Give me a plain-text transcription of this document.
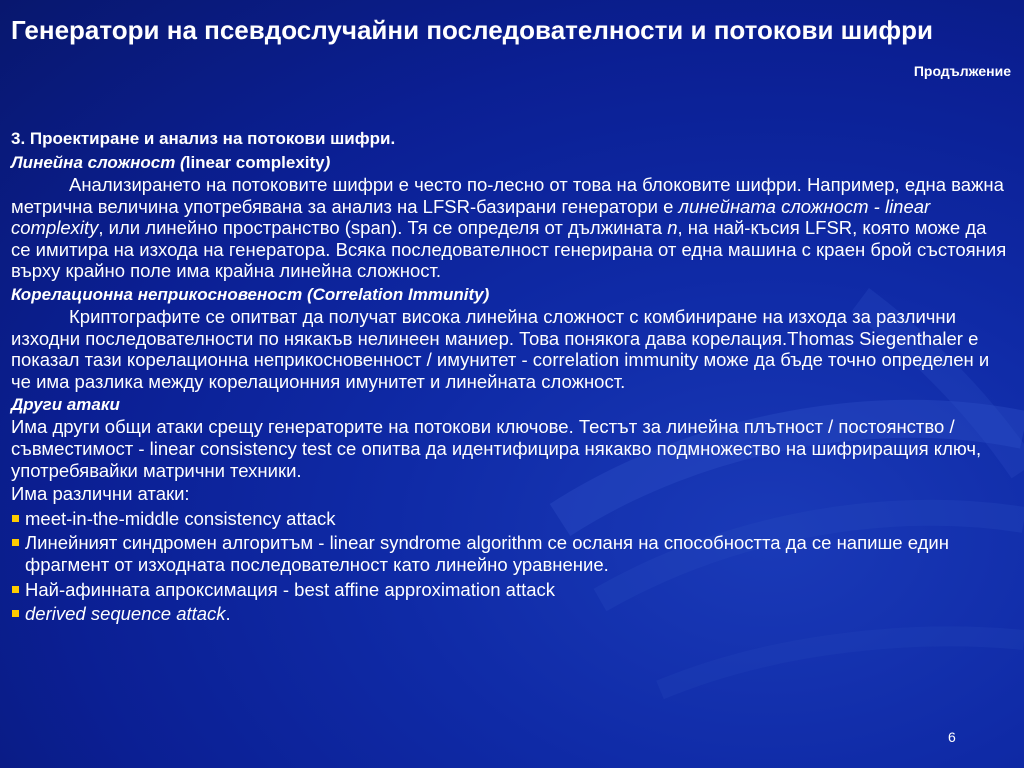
Генератори на псевдослучайни последователности и потокови шифри
Продължение

3. Проектиране и анализ на потокови шифри.

Линейна сложност (linear complexity)

Анализирането на потоковите шифри е често по-лесно от това на блоковите шифри. Например, една важна метрична величина употребявана за анализ на LFSR-базирани генератори е линейната сложност - linear complexity, или линейно пространство (span). Тя се определя от дължината n, на най-късия LFSR, която може да се имитира на изхода на генератора. Всяка последователност генерирана от една машина с краен брой състояния върху крайно поле има крайна линейна сложност.

Корелационна неприкосновеност (Correlation Immunity)

Криптографите се опитват да получат висока линейна сложност с комбиниране на изхода за различни изходни последователности по някакъв нелинеен маниер. Това понякога дава корелация.Thomas Siegenthaler е показал тази корелационна неприкосновенност / имунитет - correlation immunity може да бъде точно определен и че има разлика между корелационния имунитет и линейната сложност.

Други атаки

Има други общи атаки срещу генераторите на потокови ключове. Тестът за линейна плътност / постоянство / съвместимост - linear consistency test се опитва да идентифицира някакво подмножество на шифриращия ключ, употребявайки матрични техники.

Има различни атаки:

meet-in-the-middle consistency attack

Линейният синдромен алгоритъм - linear syndrome algorithm се осланя на способността да се напише един фрагмент от изходната последователност като линейно уравнение.

Най-афинната апроксимация - best affine approximation attack

derived sequence attack.

6
